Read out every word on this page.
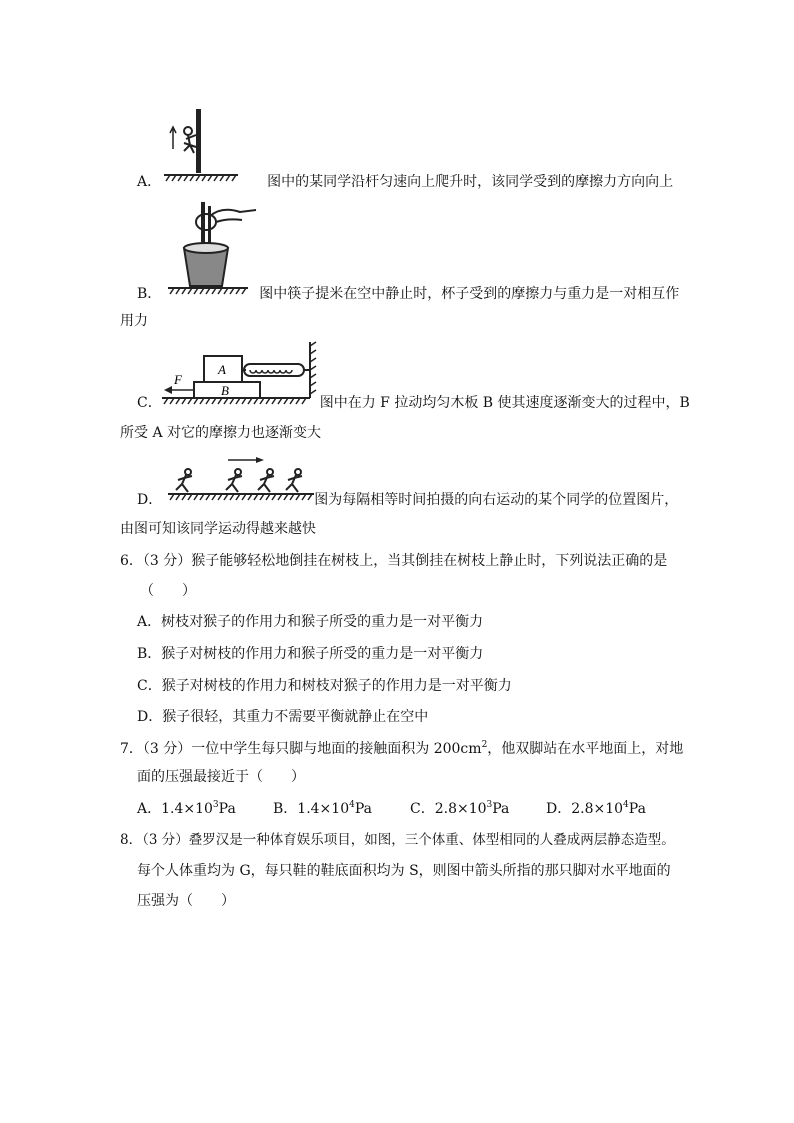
A．	图中的某同学沿杆匀速向上爬升时，该同学受到的摩擦力方向向上
B．	图中筷子提米在空中静止时，杯子受到的摩擦力与重力是一对相互作
用力
A
B
F
C．	图中在力 F 拉动均匀木板 B 使其速度逐渐变大的过程中，B
所受 A 对它的摩擦力也逐渐变大
D．	图为每隔相等时间拍摄的向右运动的某个同学的位置图片，
由图可知该同学运动得越来越快
6．（3 分）猴子能够轻松地倒挂在树枝上，当其倒挂在树枝上静止时，下列说法正确的是
（　　）
A．树枝对猴子的作用力和猴子所受的重力是一对平衡力
B．猴子对树枝的作用力和猴子所受的重力是一对平衡力
C．猴子对树枝的作用力和树枝对猴子的作用力是一对平衡力
D．猴子很轻，其重力不需要平衡就静止在空中
7．（3 分）一位中学生每只脚与地面的接触面积为 $200cm^2$，他双脚站在水平地面上，对地
面的压强最接近于（　　）
A．$1.4\times 10^3Pa$	B．$1.4\times 10^4Pa$	C．$2.8\times 10^3Pa$	D．$2.8\times 10^4Pa$
8．（3 分）叠罗汉是一种体育娱乐项目，如图，三个体重、体型相同的人叠成两层静态造型。
每个人体重均为 G，每只鞋的鞋底面积均为 S，则图中箭头所指的那只脚对水平地面的
压强为（　　）
